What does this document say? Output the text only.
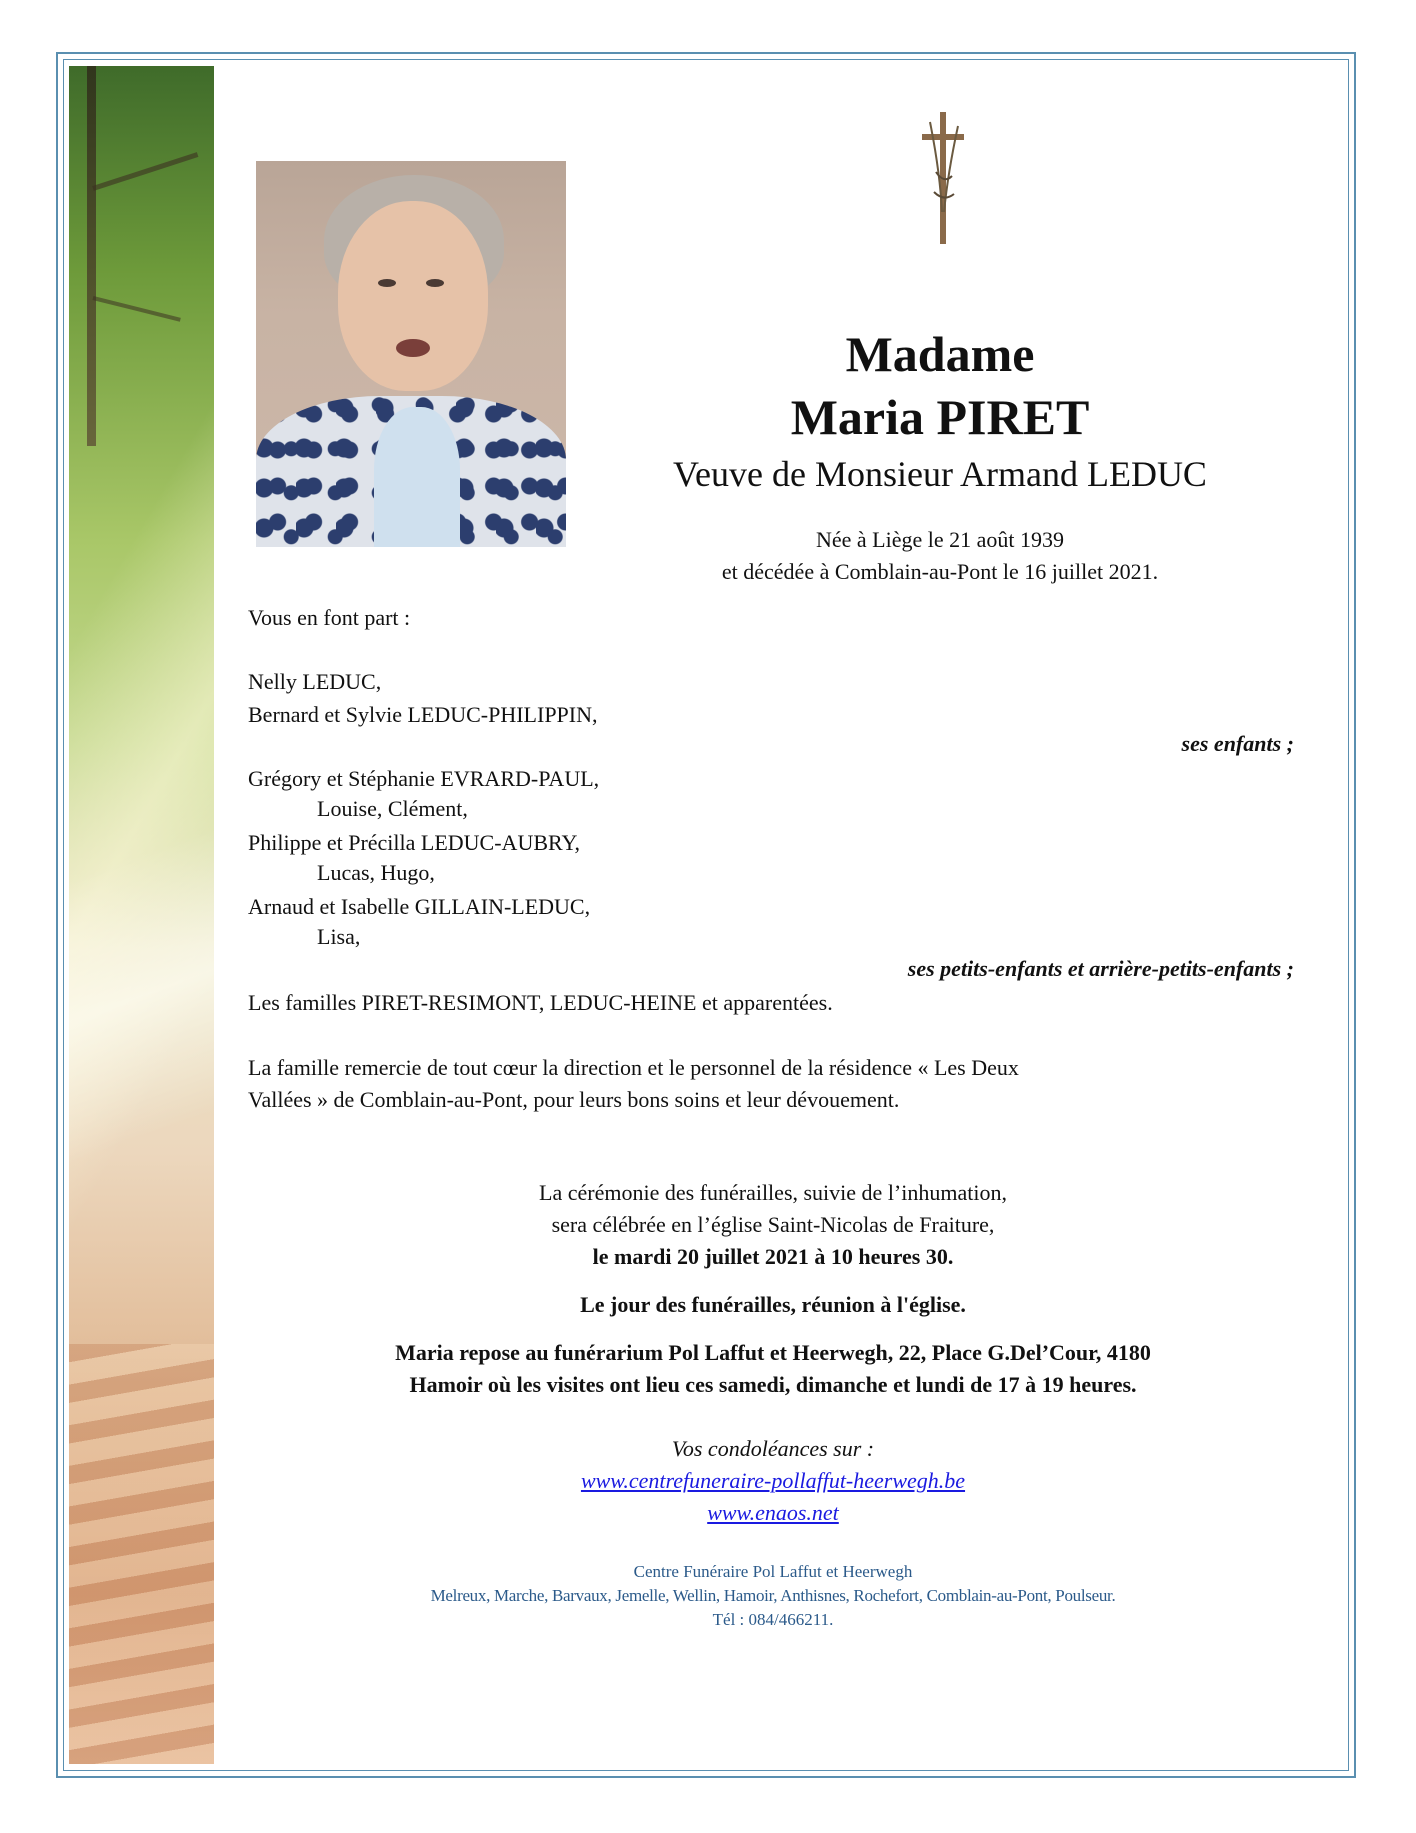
Madame

Maria PIRET

Veuve de Monsieur Armand LEDUC

Née à Liège le 21 août 1939

et décédée à Comblain-au-Pont le 16 juillet 2021.

Vous en font part :

Nelly LEDUC,

Bernard et Sylvie LEDUC-PHILIPPIN,

ses enfants ;

Grégory et Stéphanie EVRARD-PAUL,

Louise, Clément,

Philippe et Précilla LEDUC-AUBRY,

Lucas, Hugo,

Arnaud et Isabelle GILLAIN-LEDUC,

Lisa,

ses petits-enfants et arrière-petits-enfants ;

Les familles PIRET-RESIMONT, LEDUC-HEINE et apparentées.

La famille remercie de tout cœur la direction et le personnel de la résidence « Les Deux

Vallées » de Comblain-au-Pont, pour leurs bons soins et leur dévouement.

La cérémonie des funérailles, suivie de l’inhumation,

sera célébrée en l’église Saint-Nicolas de Fraiture,

le mardi 20 juillet 2021 à 10 heures 30.

Le jour des funérailles, réunion à l'église.

Maria repose au funérarium Pol Laffut et Heerwegh, 22, Place G.Del’Cour, 4180

Hamoir où les visites ont lieu ces samedi, dimanche et lundi de 17 à 19 heures.

Vos condoléances sur :

www.centrefuneraire-pollaffut-heerwegh.be

www.enaos.net

Centre Funéraire Pol Laffut et Heerwegh

Melreux, Marche, Barvaux, Jemelle, Wellin, Hamoir, Anthisnes, Rochefort, Comblain-au-Pont, Poulseur.

Tél : 084/466211.
